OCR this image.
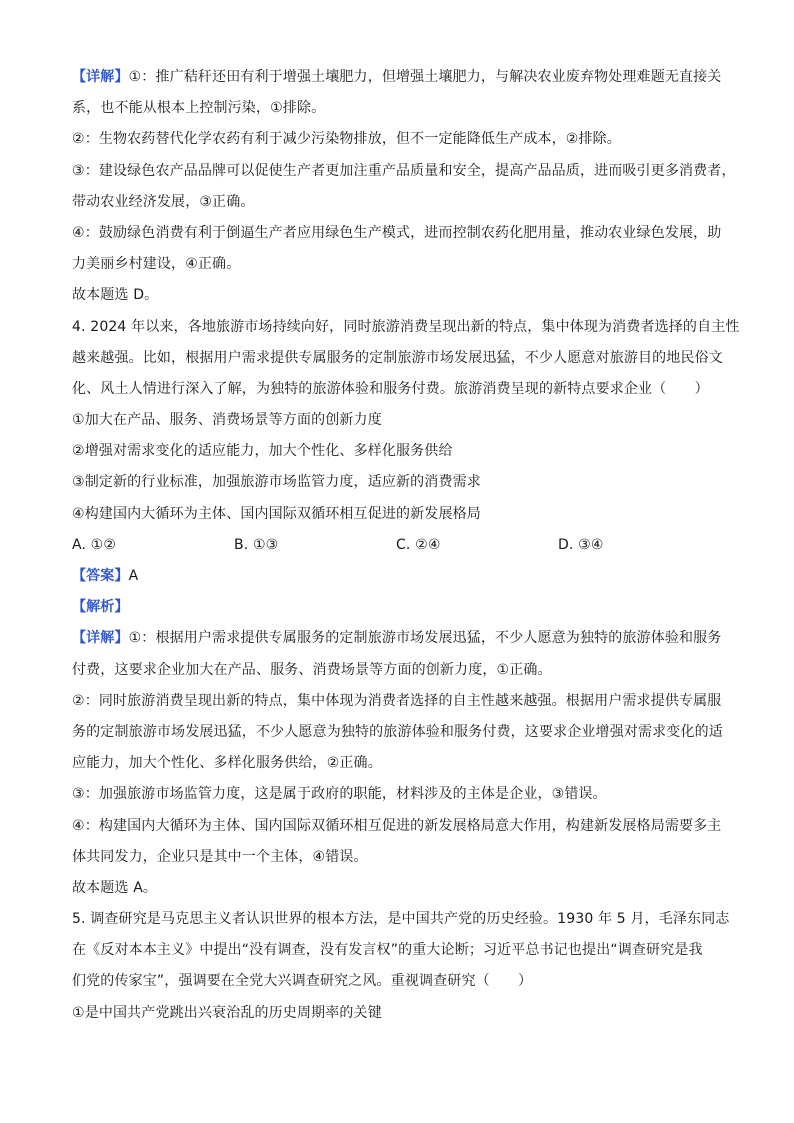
【详解】①：推广秸秆还田有利于增强土壤肥力，但增强土壤肥力，与解决农业废弃物处理难题无直接关
系，也不能从根本上控制污染，①排除。
②：生物农药替代化学农药有利于减少污染物排放，但不一定能降低生产成本，②排除。
③：建设绿色农产品品牌可以促使生产者更加注重产品质量和安全，提高产品品质，进而吸引更多消费者，
带动农业经济发展，③正确。
④：鼓励绿色消费有利于倒逼生产者应用绿色生产模式，进而控制农药化肥用量，推动农业绿色发展，助
力美丽乡村建设，④正确。
故本题选 D。
4. 2024 年以来，各地旅游市场持续向好，同时旅游消费呈现出新的特点，集中体现为消费者选择的自主性
越来越强。比如，根据用户需求提供专属服务的定制旅游市场发展迅猛，不少人愿意对旅游目的地民俗文
化、风土人情进行深入了解，为独特的旅游体验和服务付费。旅游消费呈现的新特点要求企业（　　）
①加大在产品、服务、消费场景等方面的创新力度
②增强对需求变化的适应能力，加大个性化、多样化服务供给
③制定新的行业标准，加强旅游市场监管力度，适应新的消费需求
④构建国内大循环为主体、国内国际双循环相互促进的新发展格局
A. ①②	B. ①③	C. ②④	D. ③④
【答案】A
【解析】
【详解】①：根据用户需求提供专属服务的定制旅游市场发展迅猛，不少人愿意为独特的旅游体验和服务
付费，这要求企业加大在产品、服务、消费场景等方面的创新力度，①正确。
②：同时旅游消费呈现出新的特点，集中体现为消费者选择的自主性越来越强。根据用户需求提供专属服
务的定制旅游市场发展迅猛，不少人愿意为独特的旅游体验和服务付费，这要求企业增强对需求变化的适
应能力，加大个性化、多样化服务供给，②正确。
③：加强旅游市场监管力度，这是属于政府的职能，材料涉及的主体是企业，③错误。
④：构建国内大循环为主体、国内国际双循环相互促进的新发展格局意大作用，构建新发展格局需要多主
体共同发力，企业只是其中一个主体，④错误。
故本题选 A。
5. 调查研究是马克思主义者认识世界的根本方法，是中国共产党的历史经验。1930 年 5 月，毛泽东同志
在《反对本本主义》中提出“没有调查，没有发言权”的重大论断；习近平总书记也提出“调查研究是我
们党的传家宝”，强调要在全党大兴调查研究之风。重视调查研究（　　）
①是中国共产党跳出兴衰治乱的历史周期率的关键
